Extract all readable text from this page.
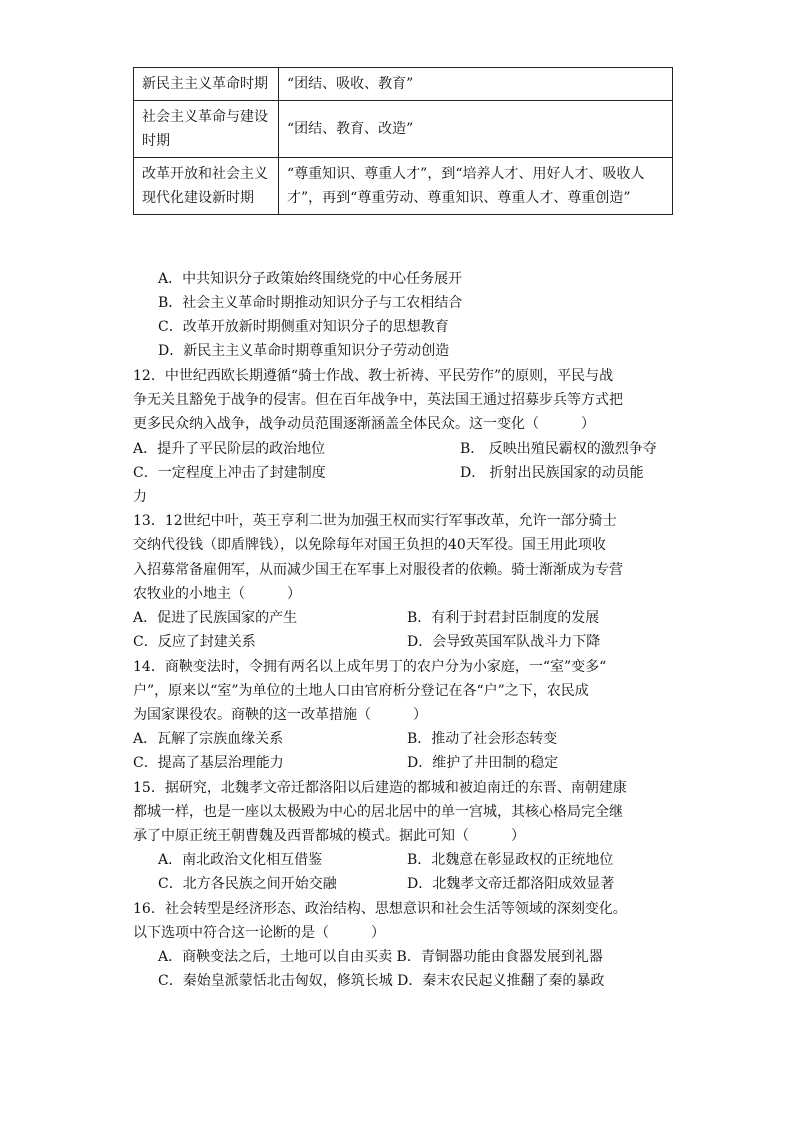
新民主主义革命时期	“团结、吸收、教育”
社会主义革命与建设时期	“团结、教育、改造”
改革开放和社会主义现代化建设新时期	“尊重知识、尊重人才”，到“培养人才、用好人才、吸收人才”，再到“尊重劳动、尊重知识、尊重人才、尊重创造”
A．中共知识分子政策始终围绕党的中心任务展开
B．社会主义革命时期推动知识分子与工农相结合
C．改革开放新时期侧重对知识分子的思想教育
D．新民主主义革命时期尊重知识分子劳动创造
12．中世纪西欧长期遵循“骑士作战、教士祈祷、平民劳作”的原则，平民与战
争无关且豁免于战争的侵害。但在百年战争中，英法国王通过招募步兵等方式把
更多民众纳入战争，战争动员范围逐渐涵盖全体民众。这一变化（　　　）
A．提升了平民阶层的政治地位	B． 反映出殖民霸权的激烈争夺
C．一定程度上冲击了封建制度	D． 折射出民族国家的动员能
力
13．12世纪中叶，英王亨利二世为加强王权而实行军事改革，允许一部分骑士
交纳代役钱（即盾牌钱），以免除每年对国王负担的40天军役。国王用此项收
入招募常备雇佣军，从而减少国王在军事上对服役者的依赖。骑士渐渐成为专营
农牧业的小地主（　　　）
A．促进了民族国家的产生	B．有利于封君封臣制度的发展
C．反应了封建关系	D．会导致英国军队战斗力下降
14．商鞅变法时，令拥有两名以上成年男丁的农户分为小家庭，一“室”变多“
户”，原来以“室”为单位的土地人口由官府析分登记在各“户”之下，农民成
为国家课役农。商鞅的这一改革措施（　　　）
A．瓦解了宗族血缘关系	B．推动了社会形态转变
C．提高了基层治理能力	D．维护了井田制的稳定
15．据研究，北魏孝文帝迁都洛阳以后建造的都城和被迫南迁的东晋、南朝建康
都城一样，也是一座以太极殿为中心的居北居中的单一宫城，其核心格局完全继
承了中原正统王朝曹魏及西晋都城的模式。据此可知（　　　）
A．南北政治文化相互借鉴	B．北魏意在彰显政权的正统地位
C．北方各民族之间开始交融	D．北魏孝文帝迁都洛阳成效显著
16．社会转型是经济形态、政治结构、思想意识和社会生活等领域的深刻变化。
以下选项中符合这一论断的是（　　　）
A．商鞅变法之后，土地可以自由买卖 B．青铜器功能由食器发展到礼器
C．秦始皇派蒙恬北击匈奴，修筑长城 D．秦末农民起义推翻了秦的暴政
